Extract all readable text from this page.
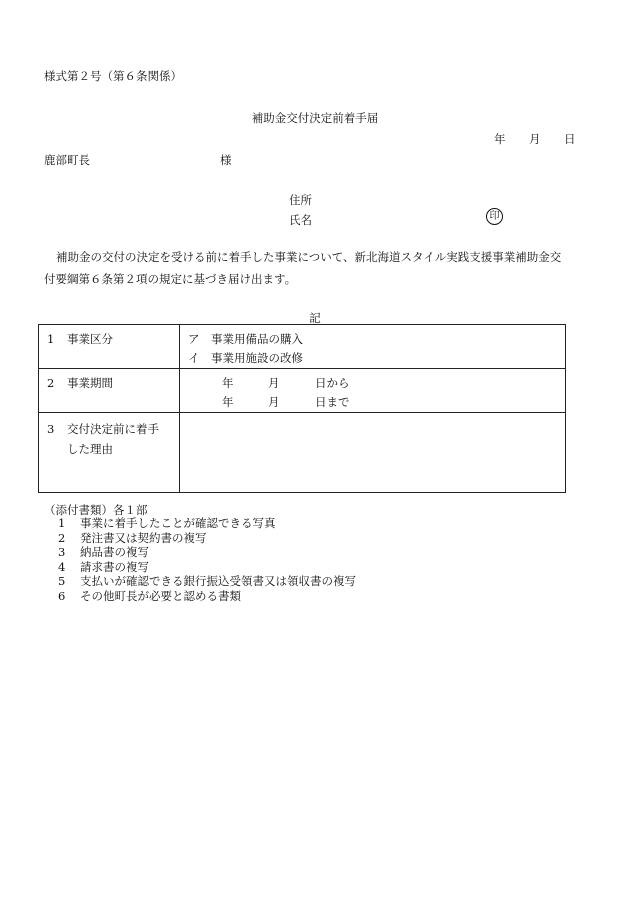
様式第２号（第６条関係）
補助金交付決定前着手届
年 月 日
鹿部町長	様
住所
氏名	印
補助金の交付の決定を受ける前に着手した事業について、新北海道スタイル実践支援事業補助金交
付要綱第６条第２項の規定に基づき届け出ます。
記
1 事業区分	ア　事業用備品の購入
イ　事業用施設の改修

2 事業期間	年 月 日から
年 月 日まで

3 交付決定前に着手
した理由	

（添付書類）各１部
1 事業に着手したことが確認できる写真
2 発注書又は契約書の複写
3 納品書の複写
4 請求書の複写
5 支払いが確認できる銀行振込受領書又は領収書の複写
6 その他町長が必要と認める書類
